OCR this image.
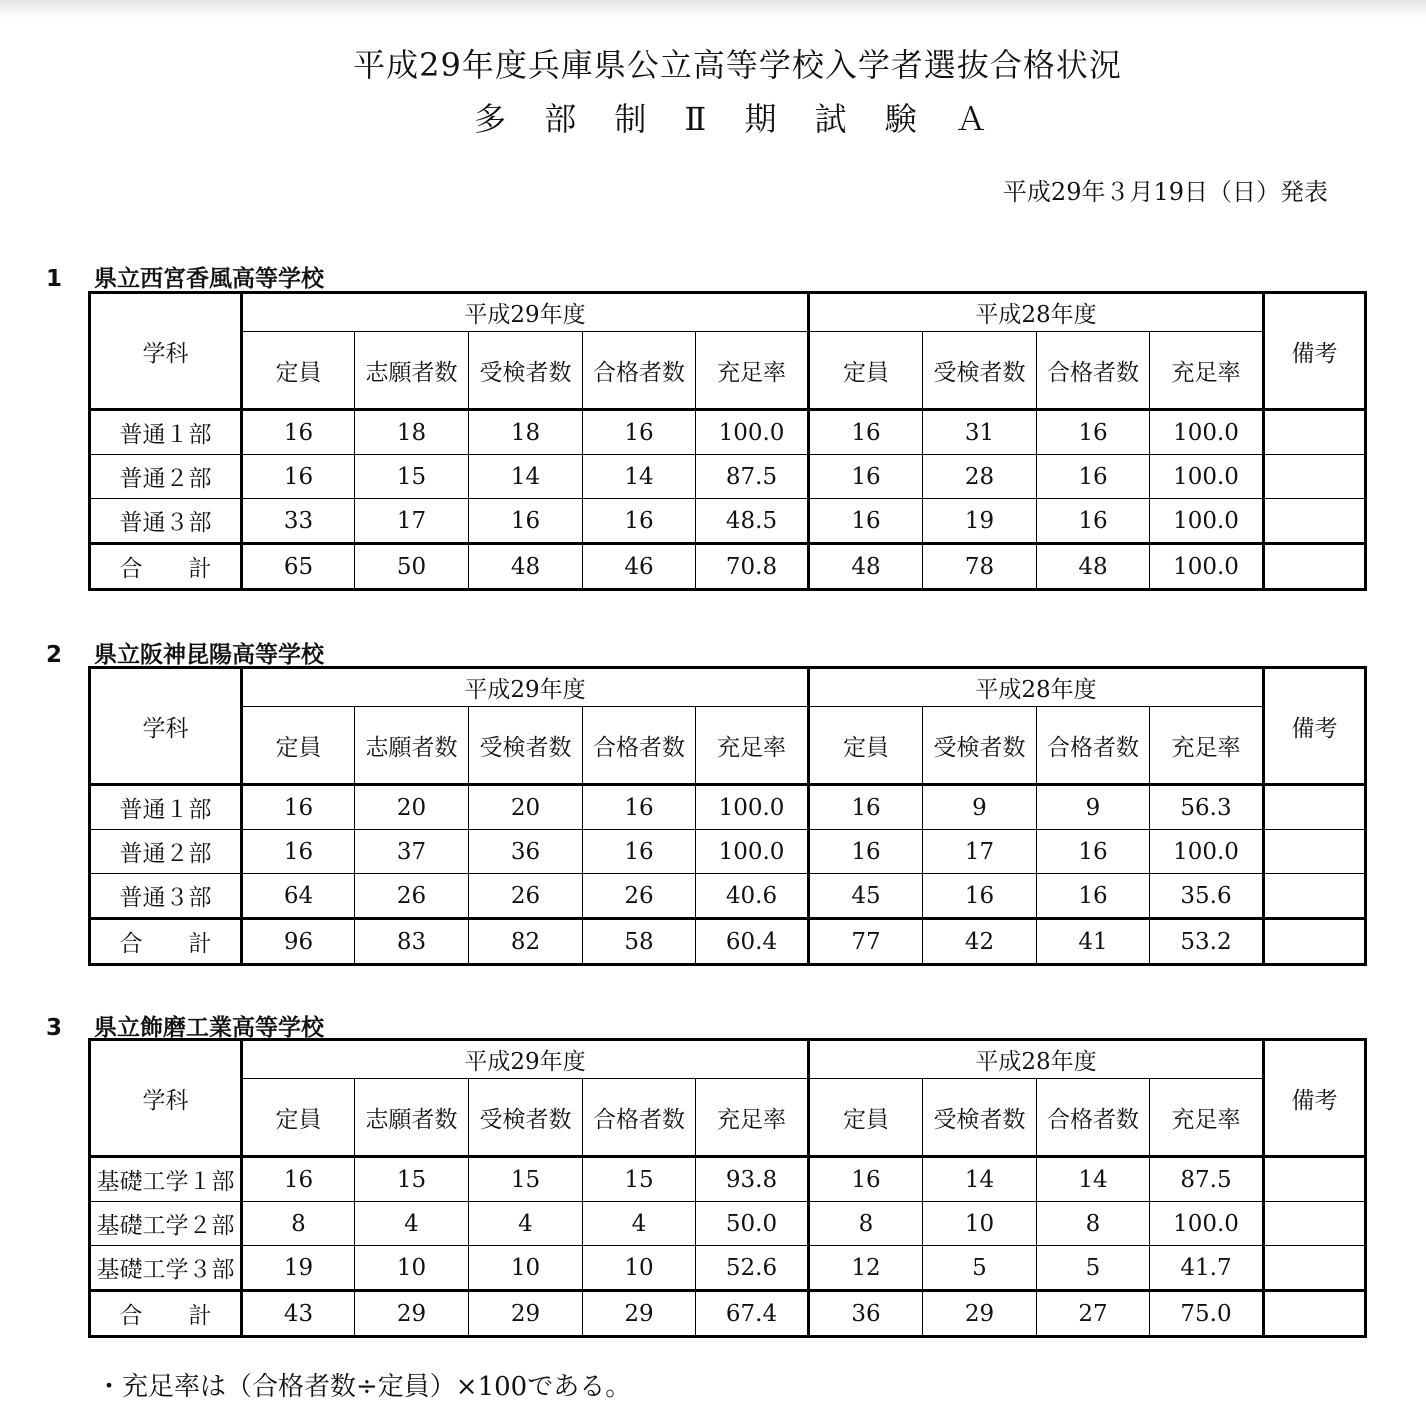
平成29年度兵庫県公立高等学校入学者選抜合格状況
多 部 制 Ⅱ 期 試 験 Ａ
平成29年３月19日（日）発表
1 県立西宮香風高等学校
学科	平成29年度					平成28年度				備考
	定員	志願者数	受検者数	合格者数	充足率	定員	受検者数	合格者数	充足率	
普通１部	16	18	18	16	100.0	16	31	16	100.0	
普通２部	16	15	14	14	87.5	16	28	16	100.0	
普通３部	33	17	16	16	48.5	16	19	16	100.0	
合　　計	65	50	48	46	70.8	48	78	48	100.0	
2 県立阪神昆陽高等学校
学科	平成29年度					平成28年度				備考
	定員	志願者数	受検者数	合格者数	充足率	定員	受検者数	合格者数	充足率	
普通１部	16	20	20	16	100.0	16	9	9	56.3	
普通２部	16	37	36	16	100.0	16	17	16	100.0	
普通３部	64	26	26	26	40.6	45	16	16	35.6	
合　　計	96	83	82	58	60.4	77	42	41	53.2	
3 県立飾磨工業高等学校
学科	平成29年度					平成28年度				備考
	定員	志願者数	受検者数	合格者数	充足率	定員	受検者数	合格者数	充足率	
基礎工学１部	16	15	15	15	93.8	16	14	14	87.5	
基礎工学２部	8	4	4	4	50.0	8	10	8	100.0	
基礎工学３部	19	10	10	10	52.6	12	5	5	41.7	
合　　計	43	29	29	29	67.4	36	29	27	75.0	
・充足率は（合格者数÷定員）×100である。
